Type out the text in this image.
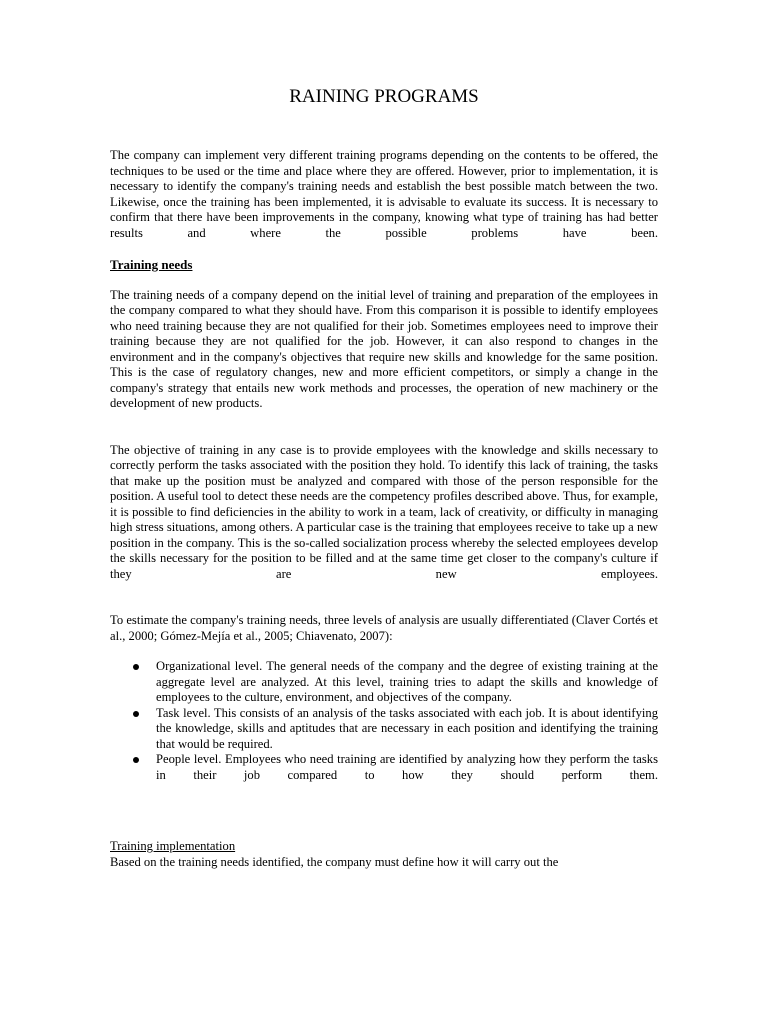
RAINING PROGRAMS

The company can implement very different training programs depending on the contents to be offered, the techniques to be used or the time and place where they are offered. However, prior to implementation, it is necessary to identify the company's training needs and establish the best possible match between the two. Likewise, once the training has been implemented, it is advisable to evaluate its success. It is necessary to confirm that there have been improvements in the company, knowing what type of training has had better results and where the possible problems have been.

Training needs

The training needs of a company depend on the initial level of training and preparation of the employees in the company compared to what they should have. From this comparison it is possible to identify employees who need training because they are not qualified for their job. Sometimes employees need to improve their training because they are not qualified for the job. However, it can also respond to changes in the environment and in the company's objectives that require new skills and knowledge for the same position. This is the case of regulatory changes, new and more efficient competitors, or simply a change in the company's strategy that entails new work methods and processes, the operation of new machinery or the development of new products.

The objective of training in any case is to provide employees with the knowledge and skills necessary to correctly perform the tasks associated with the position they hold. To identify this lack of training, the tasks that make up the position must be analyzed and compared with those of the person responsible for the position. A useful tool to detect these needs are the competency profiles described above. Thus, for example, it is possible to find deficiencies in the ability to work in a team, lack of creativity, or difficulty in managing high stress situations, among others. A particular case is the training that employees receive to take up a new position in the company. This is the so-called socialization process whereby the selected employees develop the skills necessary for the position to be filled and at the same time get closer to the company's culture if they are new employees.

To estimate the company's training needs, three levels of analysis are usually differentiated (Claver Cortés et al., 2000; Gómez-Mejía et al., 2005; Chiavenato, 2007):

Organizational level. The general needs of the company and the degree of existing training at the aggregate level are analyzed. At this level, training tries to adapt the skills and knowledge of employees to the culture, environment, and objectives of the company.
Task level. This consists of an analysis of the tasks associated with each job. It is about identifying the knowledge, skills and aptitudes that are necessary in each position and identifying the training that would be required.
People level. Employees who need training are identified by analyzing how they perform the tasks in their job compared to how they should perform them.
Training implementation

Based on the training needs identified, the company must define how it will carry out the
